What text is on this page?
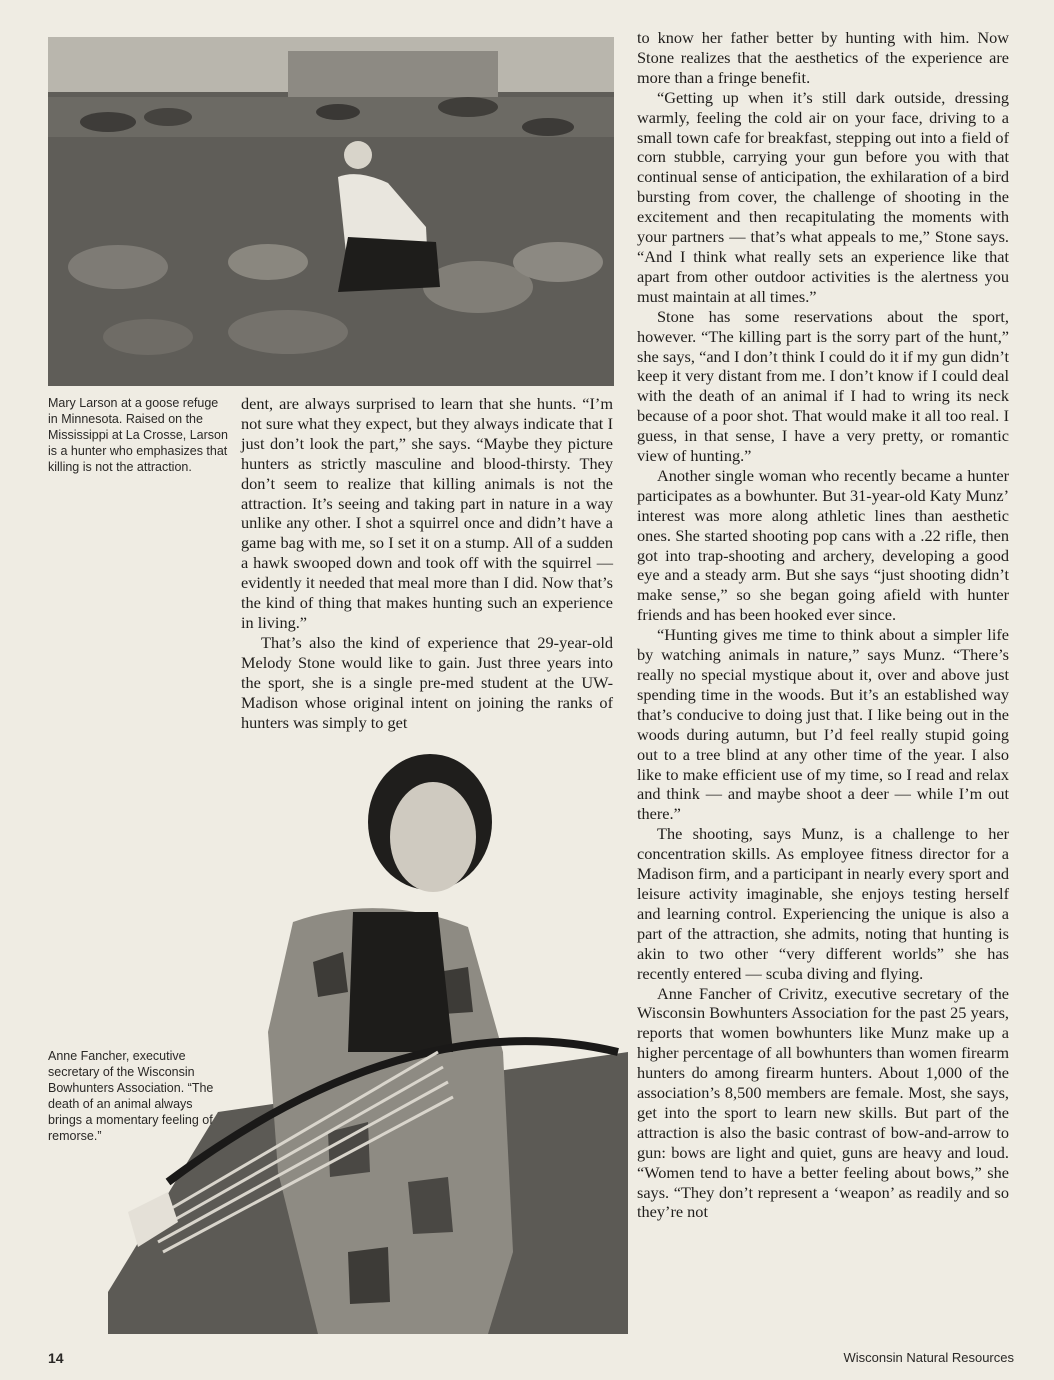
Mary Larson at a goose refuge in Minnesota. Raised on the Mississippi at La Crosse, Larson is a hunter who emphasizes that killing is not the attraction.

dent, are always surprised to learn that she hunts. “I’m not sure what they expect, but they always indicate that I just don’t look the part,” she says. “Maybe they picture hunters as strictly masculine and blood-thirsty. They don’t seem to realize that killing animals is not the attraction. It’s seeing and taking part in nature in a way unlike any other. I shot a squirrel once and didn’t have a game bag with me, so I set it on a stump. All of a sudden a hawk swooped down and took off with the squirrel — evidently it needed that meal more than I did. Now that’s the kind of thing that makes hunting such an experience in living.”

That’s also the kind of experience that 29-year-old Melody Stone would like to gain. Just three years into the sport, she is a single pre-med student at the UW-Madison whose original intent on joining the ranks of hunters was simply to get

Anne Fancher, executive secretary of the Wisconsin Bowhunters Association. “The death of an animal always brings a momentary feeling of remorse.”

to know her father better by hunting with him. Now Stone realizes that the aesthetics of the experience are more than a fringe benefit.

“Getting up when it’s still dark outside, dressing warmly, feeling the cold air on your face, driving to a small town cafe for breakfast, stepping out into a field of corn stubble, carrying your gun before you with that continual sense of anticipation, the exhilaration of a bird bursting from cover, the challenge of shooting in the excitement and then recapitulating the moments with your partners — that’s what appeals to me,” Stone says. “And I think what really sets an experience like that apart from other outdoor activities is the alertness you must maintain at all times.”

Stone has some reservations about the sport, however. “The killing part is the sorry part of the hunt,” she says, “and I don’t think I could do it if my gun didn’t keep it very distant from me. I don’t know if I could deal with the death of an animal if I had to wring its neck because of a poor shot. That would make it all too real. I guess, in that sense, I have a very pretty, or romantic view of hunting.”

Another single woman who recently became a hunter participates as a bowhunter. But 31-year-old Katy Munz’ interest was more along athletic lines than aesthetic ones. She started shooting pop cans with a .22 rifle, then got into trap-shooting and archery, developing a good eye and a steady arm. But she says “just shooting didn’t make sense,” so she began going afield with hunter friends and has been hooked ever since.

“Hunting gives me time to think about a simpler life by watching animals in nature,” says Munz. “There’s really no special mystique about it, over and above just spending time in the woods. But it’s an established way that’s conducive to doing just that. I like being out in the woods during autumn, but I’d feel really stupid going out to a tree blind at any other time of the year. I also like to make efficient use of my time, so I read and relax and think — and maybe shoot a deer — while I’m out there.”

The shooting, says Munz, is a challenge to her concentration skills. As employee fitness director for a Madison firm, and a participant in nearly every sport and leisure activity imaginable, she enjoys testing herself and learning control. Experiencing the unique is also a part of the attraction, she admits, noting that hunting is akin to two other “very different worlds” she has recently entered — scuba diving and flying.

Anne Fancher of Crivitz, executive secretary of the Wisconsin Bowhunters Association for the past 25 years, reports that women bowhunters like Munz make up a higher percentage of all bowhunters than women firearm hunters do among firearm hunters. About 1,000 of the association’s 8,500 members are female. Most, she says, get into the sport to learn new skills. But part of the attraction is also the basic contrast of bow-and-arrow to gun: bows are light and quiet, guns are heavy and loud. “Women tend to have a better feeling about bows,” she says. “They don’t represent a ‘weapon’ as readily and so they’re not

14	Wisconsin Natural Resources
